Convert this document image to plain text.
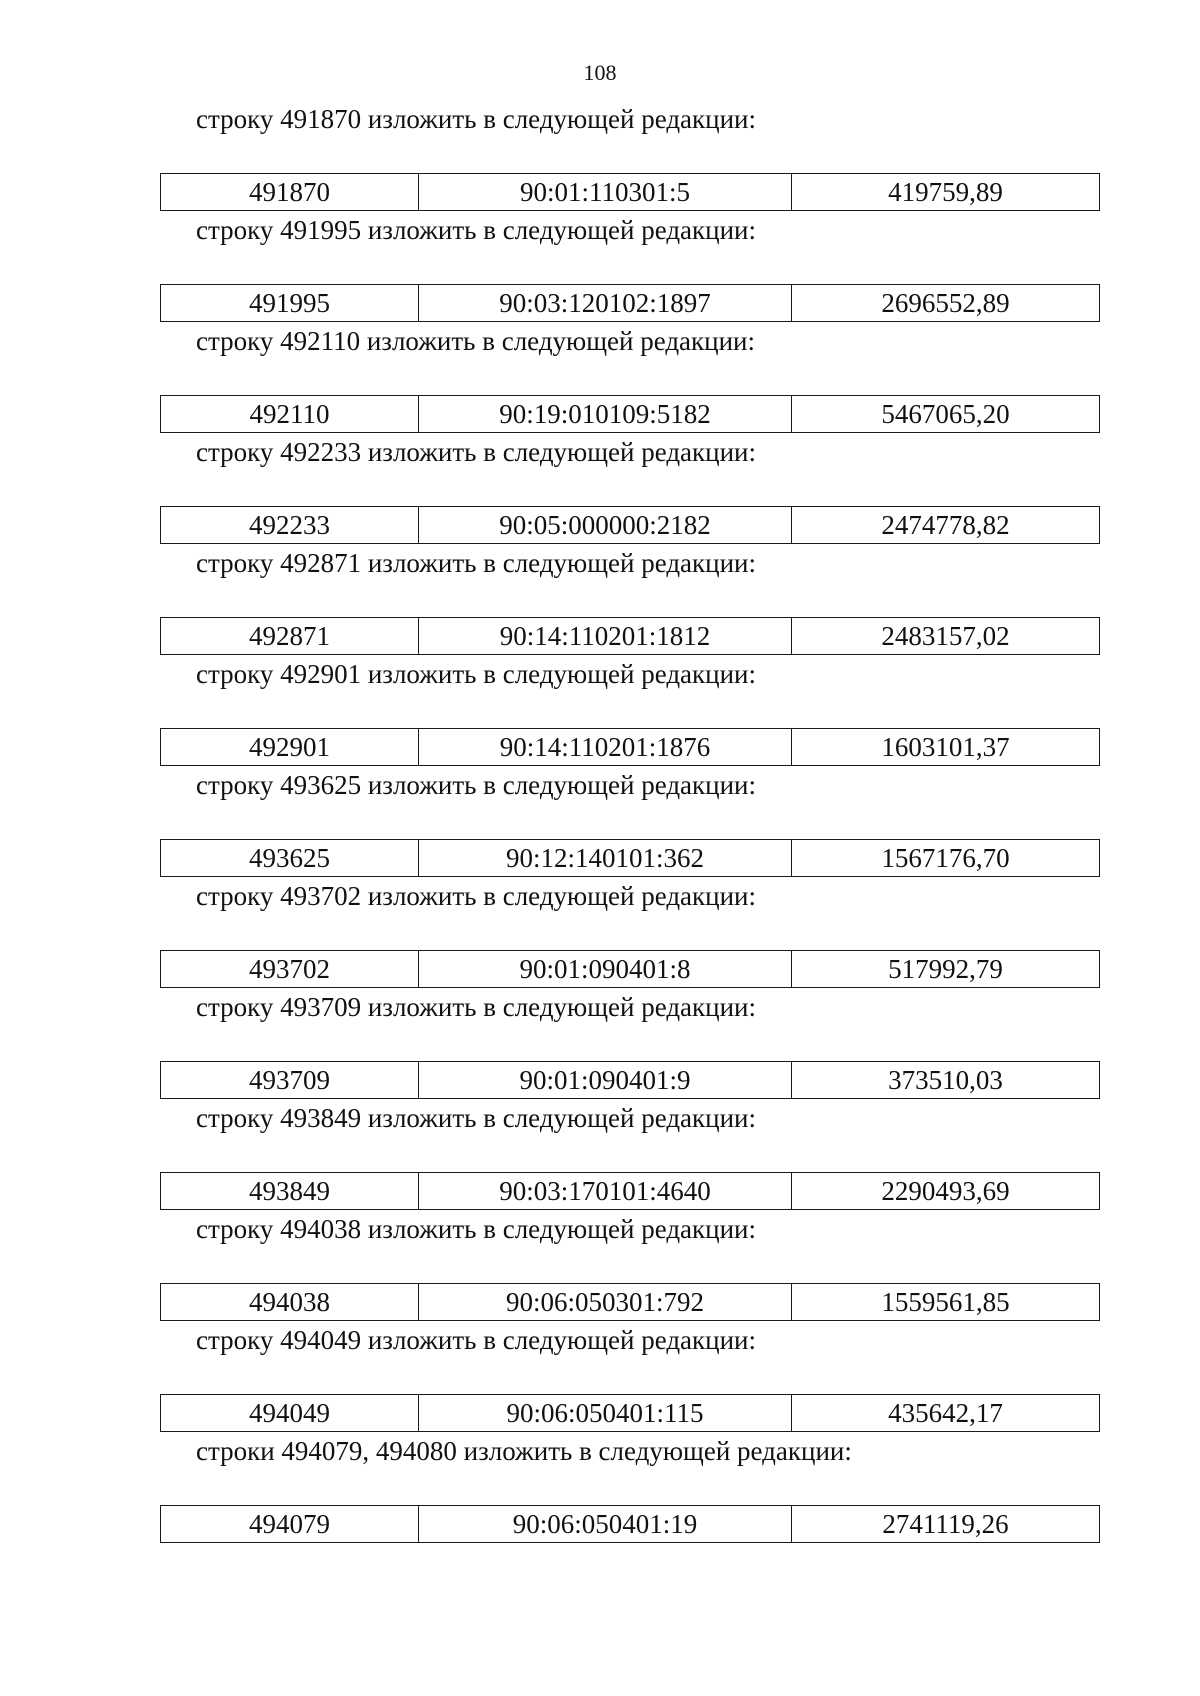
108
строку 491870 изложить в следующей редакции:
491870	90:01:110301:5	419759,89
строку 491995 изложить в следующей редакции:
491995	90:03:120102:1897	2696552,89
строку 492110 изложить в следующей редакции:
492110	90:19:010109:5182	5467065,20
строку 492233 изложить в следующей редакции:
492233	90:05:000000:2182	2474778,82
строку 492871 изложить в следующей редакции:
492871	90:14:110201:1812	2483157,02
строку 492901 изложить в следующей редакции:
492901	90:14:110201:1876	1603101,37
строку 493625 изложить в следующей редакции:
493625	90:12:140101:362	1567176,70
строку 493702 изложить в следующей редакции:
493702	90:01:090401:8	517992,79
строку 493709 изложить в следующей редакции:
493709	90:01:090401:9	373510,03
строку 493849 изложить в следующей редакции:
493849	90:03:170101:4640	2290493,69
строку 494038 изложить в следующей редакции:
494038	90:06:050301:792	1559561,85
строку 494049 изложить в следующей редакции:
494049	90:06:050401:115	435642,17
строки 494079, 494080 изложить в следующей редакции:
494079	90:06:050401:19	2741119,26
